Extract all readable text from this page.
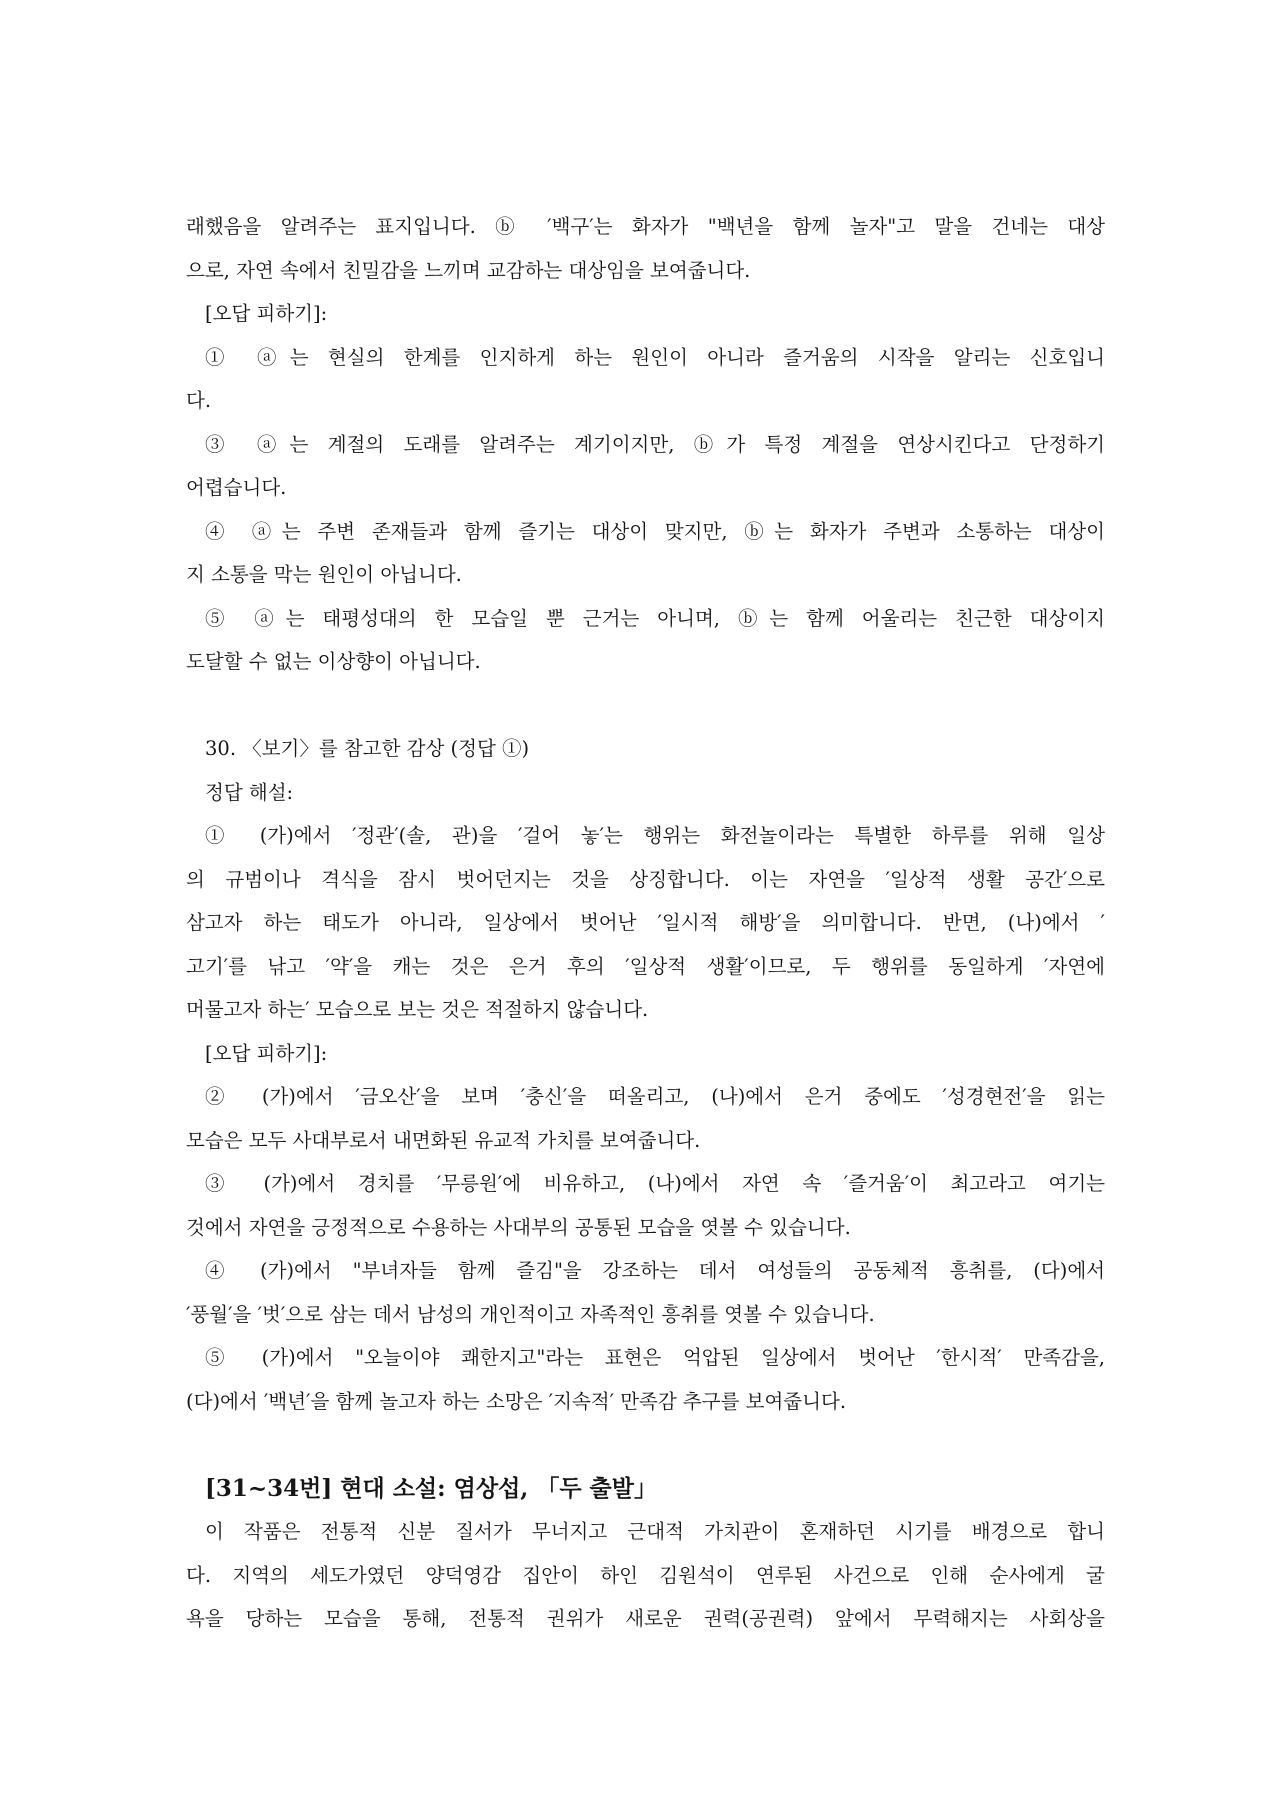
래했음을 알려주는 표지입니다. ⓑ ′백구′는 화자가 "백년을 함께 놀자"고 말을 건네는 대상
으로, 자연 속에서 친밀감을 느끼며 교감하는 대상임을 보여줍니다.
[오답 피하기]:
① ⓐ는 현실의 한계를 인지하게 하는 원인이 아니라 즐거움의 시작을 알리는 신호입니
다.
③ ⓐ는 계절의 도래를 알려주는 계기이지만, ⓑ가 특정 계절을 연상시킨다고 단정하기
어렵습니다.
④ ⓐ는 주변 존재들과 함께 즐기는 대상이 맞지만, ⓑ는 화자가 주변과 소통하는 대상이
지 소통을 막는 원인이 아닙니다.
⑤ ⓐ는 태평성대의 한 모습일 뿐 근거는 아니며, ⓑ는 함께 어울리는 친근한 대상이지
도달할 수 없는 이상향이 아닙니다.
30. 〈보기〉를 참고한 감상 (정답 ①)
정답 해설:
① (가)에서 ′정관′(솔, 관)을 ′걸어 놓′는 행위는 화전놀이라는 특별한 하루를 위해 일상
의 규범이나 격식을 잠시 벗어던지는 것을 상징합니다. 이는 자연을 ′일상적 생활 공간′으로
삼고자 하는 태도가 아니라, 일상에서 벗어난 ′일시적 해방′을 의미합니다. 반면, (나)에서 ′
고기′를 낚고 ′약′을 캐는 것은 은거 후의 ′일상적 생활′이므로, 두 행위를 동일하게 ′자연에
머물고자 하는′ 모습으로 보는 것은 적절하지 않습니다.
[오답 피하기]:
② (가)에서 ′금오산′을 보며 ′충신′을 떠올리고, (나)에서 은거 중에도 ′성경현전′을 읽는
모습은 모두 사대부로서 내면화된 유교적 가치를 보여줍니다.
③ (가)에서 경치를 ′무릉원′에 비유하고, (나)에서 자연 속 ′즐거움′이 최고라고 여기는
것에서 자연을 긍정적으로 수용하는 사대부의 공통된 모습을 엿볼 수 있습니다.
④ (가)에서 "부녀자들 함께 즐김"을 강조하는 데서 여성들의 공동체적 흥취를, (다)에서
′풍월′을 ′벗′으로 삼는 데서 남성의 개인적이고 자족적인 흥취를 엿볼 수 있습니다.
⑤ (가)에서 "오늘이야 쾌한지고"라는 표현은 억압된 일상에서 벗어난 ′한시적′ 만족감을,
(다)에서 ′백년′을 함께 놀고자 하는 소망은 ′지속적′ 만족감 추구를 보여줍니다.
[31~34번] 현대 소설: 염상섭, 「두 출발」
이 작품은 전통적 신분 질서가 무너지고 근대적 가치관이 혼재하던 시기를 배경으로 합니
다. 지역의 세도가였던 양덕영감 집안이 하인 김원석이 연루된 사건으로 인해 순사에게 굴
욕을 당하는 모습을 통해, 전통적 권위가 새로운 권력(공권력) 앞에서 무력해지는 사회상을
